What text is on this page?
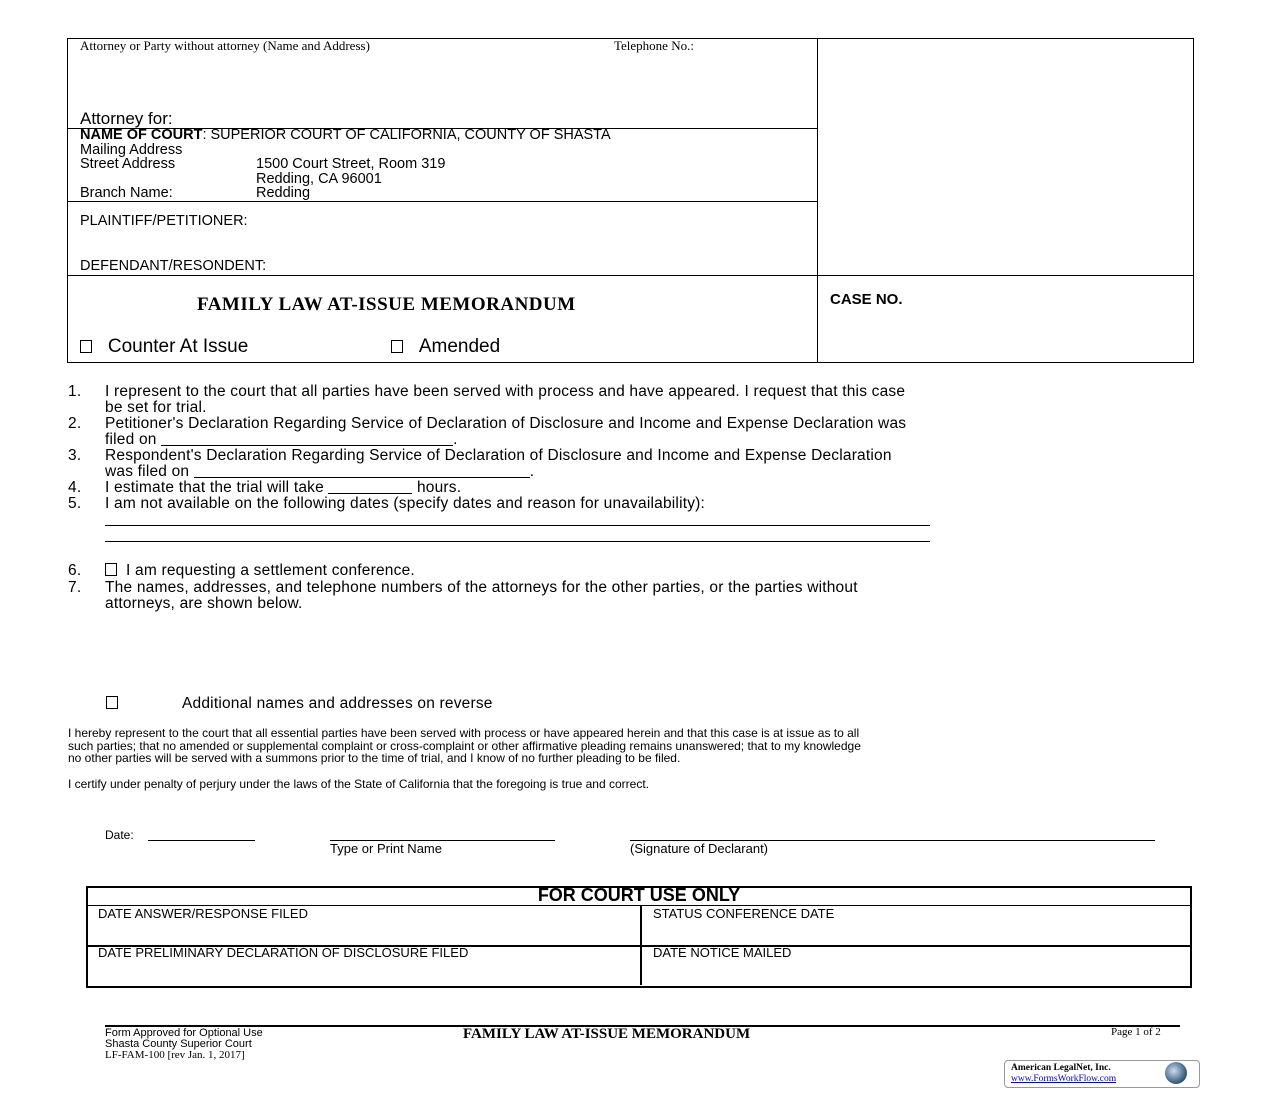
Attorney or Party without attorney (Name and Address)	Telephone No.:
Attorney for:
NAME OF COURT: SUPERIOR COURT OF CALIFORNIA, COUNTY OF SHASTA
Mailing Address
Street Address	1500 Court Street, Room 319
Redding, CA 96001
Branch Name:	Redding
PLAINTIFF/PETITIONER:
DEFENDANT/RESONDENT:
FAMILY LAW AT-ISSUE MEMORANDUM
Counter At Issue	Amended
CASE NO.
1. I represent to the court that all parties have been served with process and have appeared. I request that this case
be set for trial.
2. Petitioner's Declaration Regarding Service of Declaration of Disclosure and Income and Expense Declaration was
filed on	.
3. Respondent's Declaration Regarding Service of Declaration of Disclosure and Income and Expense Declaration
was filed on	.
4. I estimate that the trial will take	hours.
5. I am not available on the following dates (specify dates and reason for unavailability):
6.	I am requesting a settlement conference.
7. The names, addresses, and telephone numbers of the attorneys for the other parties, or the parties without
attorneys, are shown below.
Additional names and addresses on reverse
I hereby represent to the court that all essential parties have been served with process or have appeared herein and that this case is at issue as to all
such parties; that no amended or supplemental complaint or cross-complaint or other affirmative pleading remains unanswered; that to my knowledge
no other parties will be served with a summons prior to the time of trial, and I know of no further pleading to be filed.
I certify under penalty of perjury under the laws of the State of California that the foregoing is true and correct.
Date:
Type or Print Name	(Signature of Declarant)
FOR COURT USE ONLY
DATE ANSWER/RESPONSE FILED	STATUS CONFERENCE DATE
DATE PRELIMINARY DECLARATION OF DISCLOSURE FILED	DATE NOTICE MAILED
Form Approved for Optional Use
Shasta County Superior Court
LF-FAM-100 [rev Jan. 1, 2017]
FAMILY LAW AT-ISSUE MEMORANDUM	Page 1 of 2
American LegalNet, Inc.
www.FormsWorkFlow.com
